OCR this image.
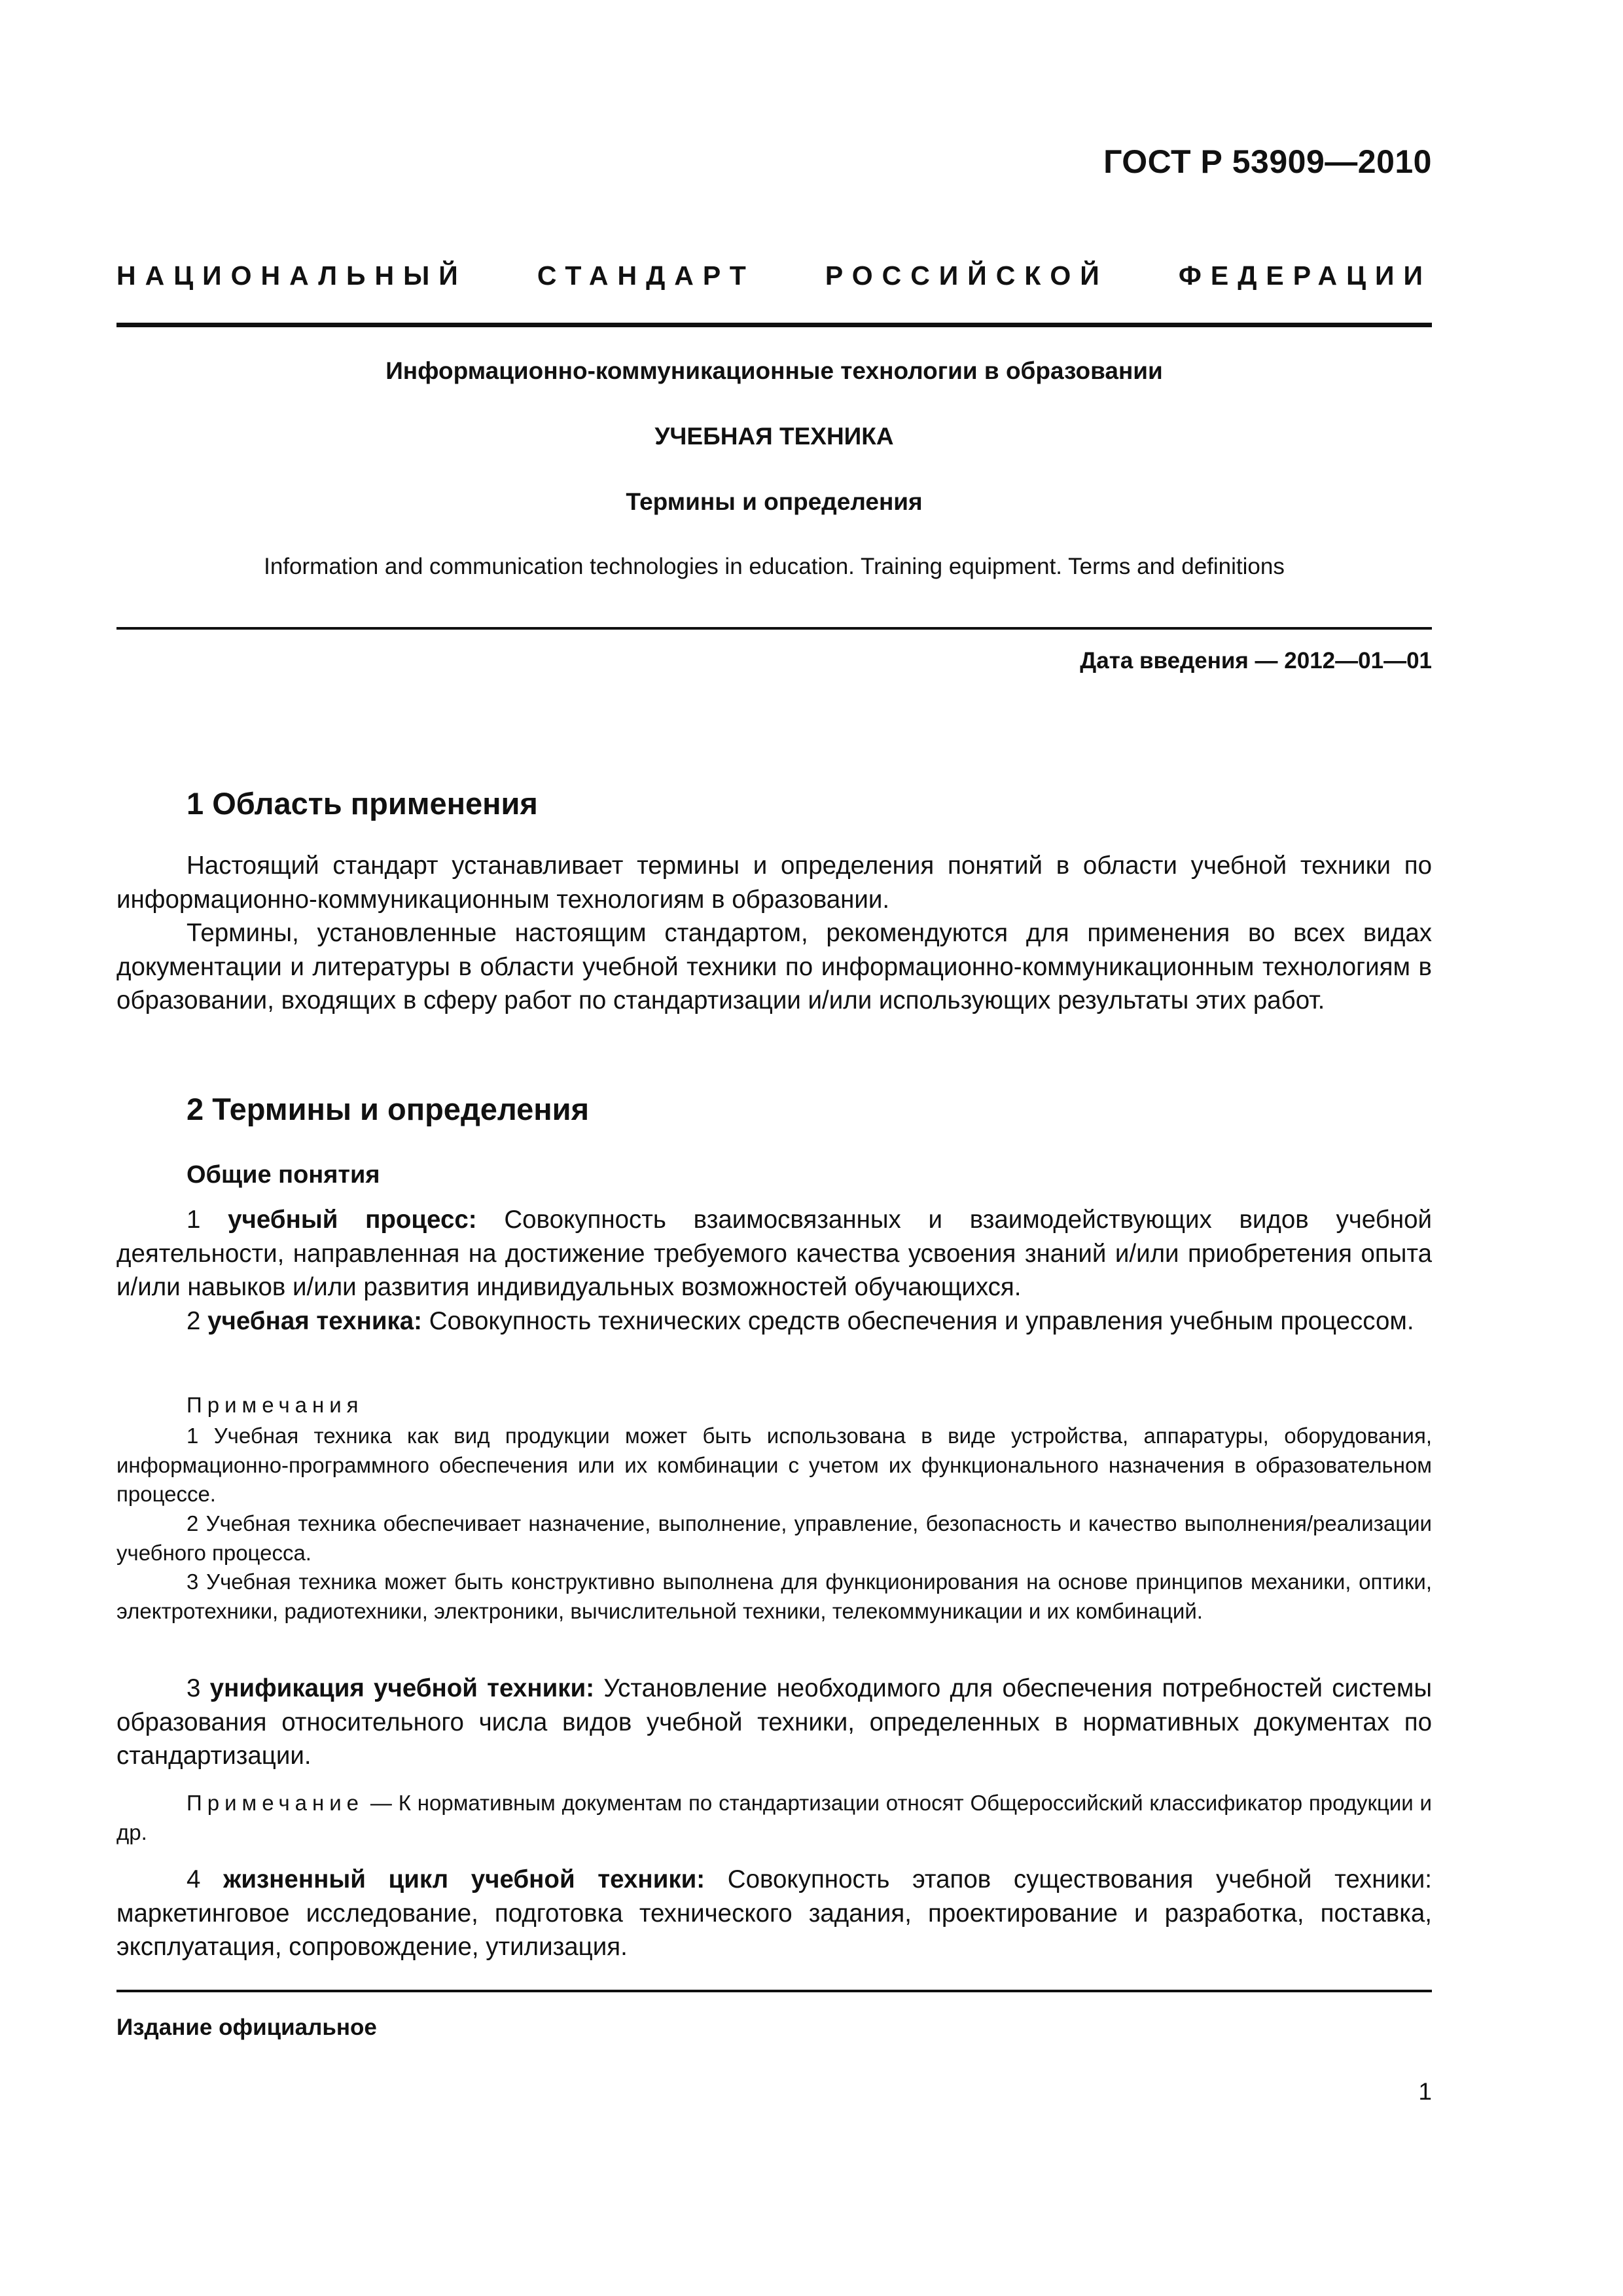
ГОСТ Р 53909—2010
НАЦИОНАЛЬНЫЙ СТАНДАРТ РОССИЙСКОЙ ФЕДЕРАЦИИ
Информационно-коммуникационные технологии в образовании
УЧЕБНАЯ ТЕХНИКА
Термины и определения
Information and communication technologies in education. Training equipment. Terms and definitions
Дата введения — 2012—01—01
1 Область применения
Настоящий стандарт устанавливает термины и определения понятий в области учебной техники по информационно-коммуникационным технологиям в образовании.
Термины, установленные настоящим стандартом, рекомендуются для применения во всех видах документации и литературы в области учебной техники по информационно-коммуникационным технологиям в образовании, входящих в сферу работ по стандартизации и/или использующих результаты этих работ.
2 Термины и определения
Общие понятия
1 учебный процесс: Совокупность взаимосвязанных и взаимодействующих видов учебной деятельности, направленная на достижение требуемого качества усвоения знаний и/или приобретения опыта и/или навыков и/или развития индивидуальных возможностей обучающихся.
2 учебная техника: Совокупность технических средств обеспечения и управления учебным процессом.
Примечания
1 Учебная техника как вид продукции может быть использована в виде устройства, аппаратуры, оборудования, информационно-программного обеспечения или их комбинации с учетом их функционального назначения в образовательном процессе.
2 Учебная техника обеспечивает назначение, выполнение, управление, безопасность и качество выполнения/реализации учебного процесса.
3 Учебная техника может быть конструктивно выполнена для функционирования на основе принципов механики, оптики, электротехники, радиотехники, электроники, вычислительной техники, телекоммуникации и их комбинаций.
3 унификация учебной техники: Установление необходимого для обеспечения потребностей системы образования относительного числа видов учебной техники, определенных в нормативных документах по стандартизации.
Примечание — К нормативным документам по стандартизации относят Общероссийский классификатор продукции и др.
4 жизненный цикл учебной техники: Совокупность этапов существования учебной техники: маркетинговое исследование, подготовка технического задания, проектирование и разработка, поставка, эксплуатация, сопровождение, утилизация.
Издание официальное
1
